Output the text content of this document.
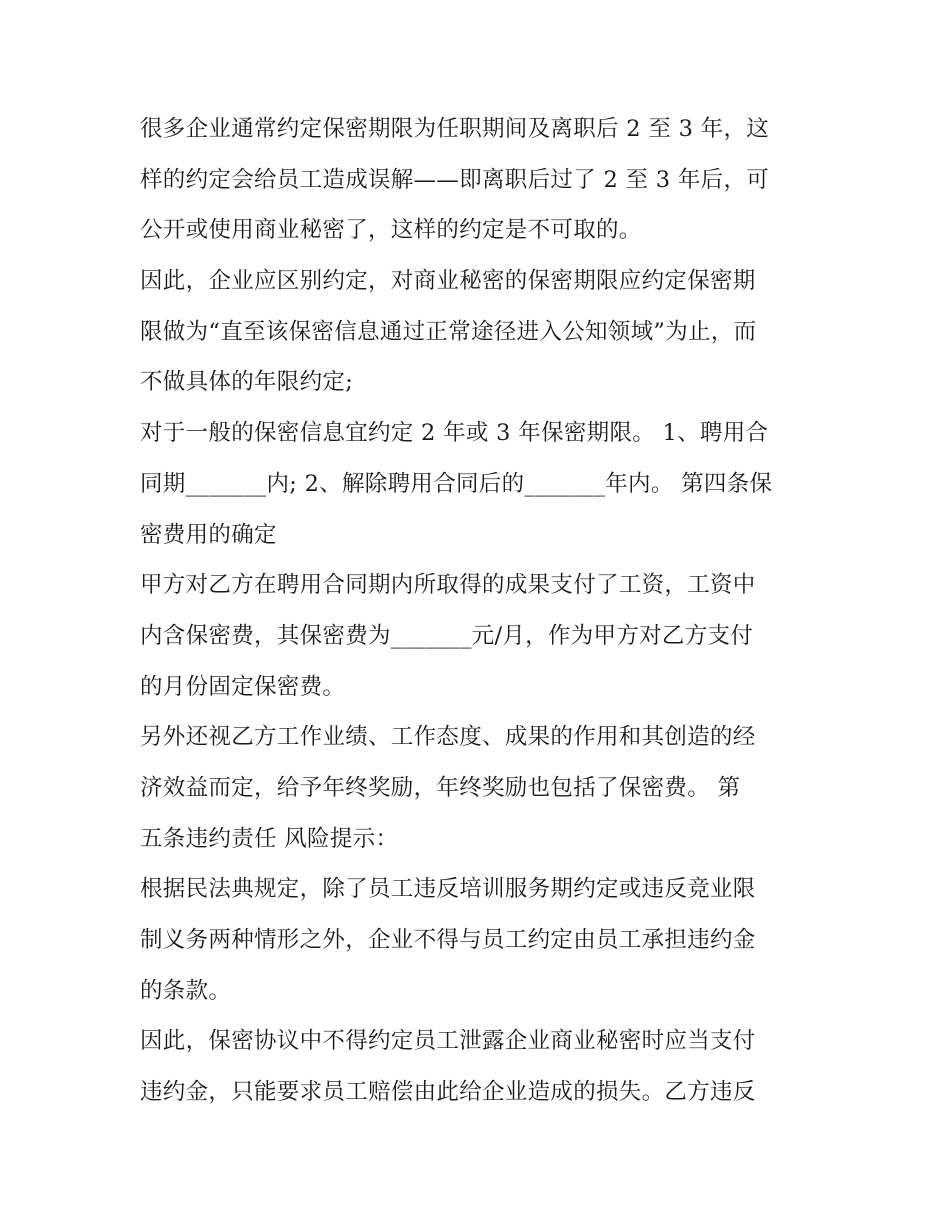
很多企业通常约定保密期限为任职期间及离职后 2 至 3 年，这
样的约定会给员工造成误解——即离职后过了 2 至 3 年后，可
公开或使用商业秘密了，这样的约定是不可取的。
因此，企业应区别约定，对商业秘密的保密期限应约定保密期
限做为“直至该保密信息通过正常途径进入公知领域”为止，而
不做具体的年限约定;
对于一般的保密信息宜约定 2 年或 3 年保密期限。 1、聘用合
同期_______内; 2、解除聘用合同后的_______年内。 第四条保
密费用的确定
甲方对乙方在聘用合同期内所取得的成果支付了工资，工资中
内含保密费，其保密费为_______元/月，作为甲方对乙方支付
的月份固定保密费。
另外还视乙方工作业绩、工作态度、成果的作用和其创造的经
济效益而定，给予年终奖励，年终奖励也包括了保密费。 第
五条违约责任 风险提示：
根据民法典规定，除了员工违反培训服务期约定或违反竞业限
制义务两种情形之外，企业不得与员工约定由员工承担违约金
的条款。
因此，保密协议中不得约定员工泄露企业商业秘密时应当支付
违约金，只能要求员工赔偿由此给企业造成的损失。乙方违反
